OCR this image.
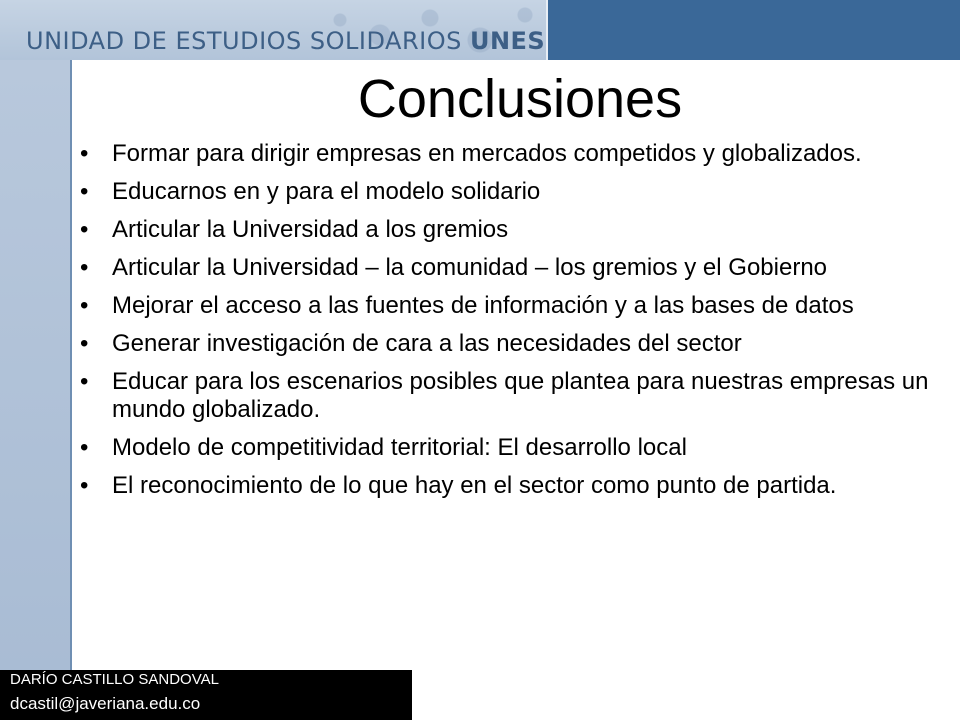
UNIDAD DE ESTUDIOS SOLIDARIOS UNES
Conclusiones
• Formar para dirigir empresas en mercados competidos y globalizados.
• Educarnos en y para el modelo solidario
• Articular la Universidad a los gremios
• Articular la Universidad – la comunidad – los gremios y el Gobierno
• Mejorar el acceso a las fuentes de información y a las bases de datos
• Generar investigación de cara a las necesidades del sector
• Educar para los escenarios posibles que plantea para nuestras empresas un mundo globalizado.
• Modelo de competitividad territorial: El desarrollo local
• El reconocimiento de lo que hay en el sector como punto de partida.
DARÍO CASTILLO SANDOVAL
dcastil@javeriana.edu.co
